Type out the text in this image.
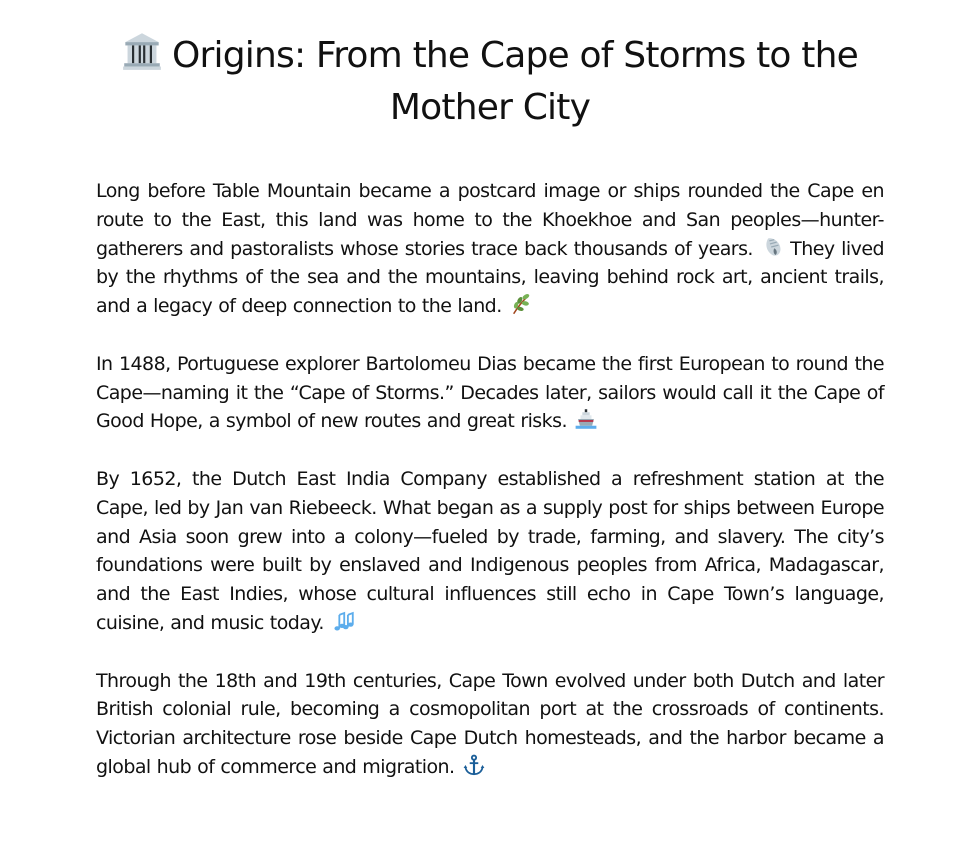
Origins: From the Cape of Storms to the Mother City

Long before Table Mountain became a postcard image or ships rounded the Cape en route to the East, this land was home to the Khoekhoe and San peoples—hunter-gatherers and pastoralists whose stories trace back thousands of years.
They lived by the rhythms of the sea and the mountains, leaving behind rock art, ancient trails, and a legacy of deep connection to the land.

In 1488, Portuguese explorer Bartolomeu Dias became the first European to round the Cape—naming it the “Cape of Storms.” Decades later, sailors would call it the Cape of Good Hope, a symbol of new routes and great risks.

By 1652, the Dutch East India Company established a refreshment station at the Cape, led by Jan van Riebeeck. What began as a supply post for ships between Europe and Asia soon grew into a colony—fueled by trade, farming, and slavery. The city’s foundations were built by enslaved and Indigenous peoples from Africa, Madagascar, and the East Indies, whose cultural influences still echo in Cape Town’s language, cuisine, and music today.

Through the 18th and 19th centuries, Cape Town evolved under both Dutch and later British colonial rule, becoming a cosmopolitan port at the crossroads of continents. Victorian architecture rose beside Cape Dutch homesteads, and the harbor became a global hub of commerce and migration.
